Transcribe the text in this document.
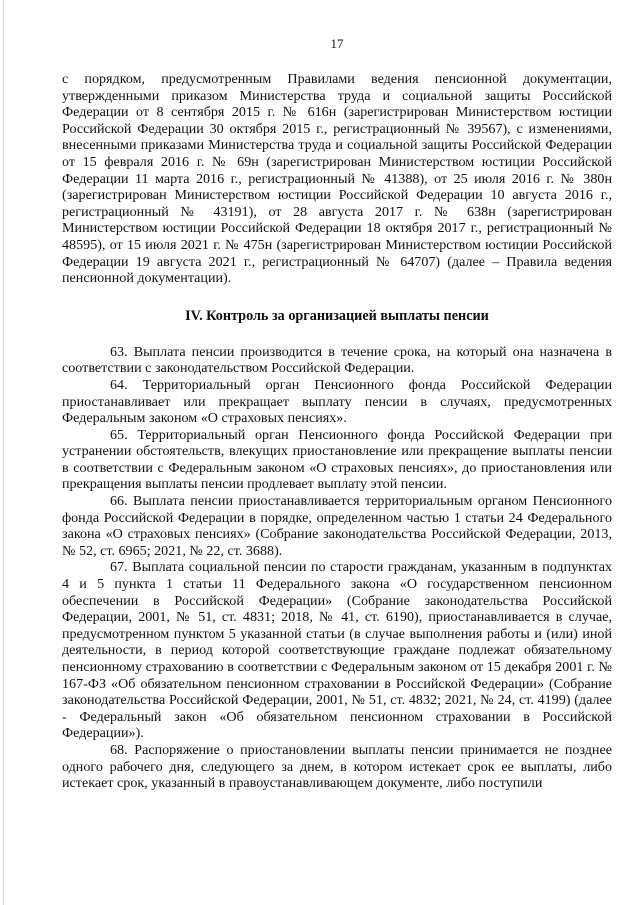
17

с порядком, предусмотренным Правилами ведения пенсионной документации, утвержденными приказом Министерства труда и социальной защиты Российской Федерации от 8 сентября 2015 г. № 616н (зарегистрирован Министерством юстиции Российской Федерации 30 октября 2015 г., регистрационный № 39567), с изменениями, внесенными приказами Министерства труда и социальной защиты Российской Федерации от 15 февраля 2016 г. № 69н (зарегистрирован Министерством юстиции Российской Федерации 11 марта 2016 г., регистрационный № 41388), от 25 июля 2016 г. № 380н (зарегистрирован Министерством юстиции Российской Федерации 10 августа 2016 г., регистрационный № 43191), от 28 августа 2017 г. № 638н (зарегистрирован Министерством юстиции Российской Федерации 18 октября 2017 г., регистрационный № 48595), от 15 июля 2021 г. № 475н (зарегистрирован Министерством юстиции Российской Федерации 19 августа 2021 г., регистрационный № 64707) (далее – Правила ведения пенсионной документации).

IV. Контроль за организацией выплаты пенсии

63. Выплата пенсии производится в течение срока, на который она назначена в соответствии с законодательством Российской Федерации.

64. Территориальный орган Пенсионного фонда Российской Федерации приостанавливает или прекращает выплату пенсии в случаях, предусмотренных Федеральным законом «О страховых пенсиях».

65. Территориальный орган Пенсионного фонда Российской Федерации при устранении обстоятельств, влекущих приостановление или прекращение выплаты пенсии в соответствии с Федеральным законом «О страховых пенсиях», до приостановления или прекращения выплаты пенсии продлевает выплату этой пенсии.

66. Выплата пенсии приостанавливается территориальным органом Пенсионного фонда Российской Федерации в порядке, определенном частью 1 статьи 24 Федерального закона «О страховых пенсиях» (Собрание законодательства Российской Федерации, 2013, № 52, ст. 6965; 2021, № 22, ст. 3688).

67. Выплата социальной пенсии по старости гражданам, указанным в подпунктах 4 и 5 пункта 1 статьи 11 Федерального закона «О государственном пенсионном обеспечении в Российской Федерации» (Собрание законодательства Российской Федерации, 2001, № 51, ст. 4831; 2018, № 41, ст. 6190), приостанавливается в случае, предусмотренном пунктом 5 указанной статьи (в случае выполнения работы и (или) иной деятельности, в период которой соответствующие граждане подлежат обязательному пенсионному страхованию в соответствии с Федеральным законом от 15 декабря 2001 г. № 167-ФЗ «Об обязательном пенсионном страховании в Российской Федерации» (Собрание законодательства Российской Федерации, 2001, № 51, ст. 4832; 2021, № 24, ст. 4199) (далее - Федеральный закон «Об обязательном пенсионном страховании в Российской Федерации»).

68. Распоряжение о приостановлении выплаты пенсии принимается не позднее одного рабочего дня, следующего за днем, в котором истекает срок ее выплаты, либо истекает срок, указанный в правоустанавливающем документе, либо поступили
